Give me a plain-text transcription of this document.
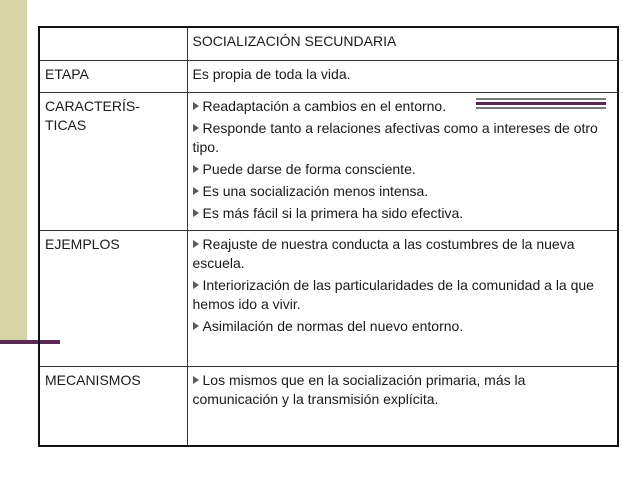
	SOCIALIZACIÓN SECUNDARIA
ETAPA	Es propia de toda la vida.
CARACTERÍS-
TICAS	Readaptación a cambios en el entorno.
Responde tanto a relaciones afectivas como a intereses de otro tipo.
Puede darse de forma consciente.
Es una socialización menos intensa.
Es más fácil si la primera ha sido efectiva.

EJEMPLOS	Reajuste de nuestra conducta a las costumbres de la nueva escuela.
Interiorización de las particularidades de la comunidad a la que hemos ido a vivir.
Asimilación de normas del nuevo entorno.

MECANISMOS	Los mismos que en la socialización primaria, más la comunicación y la transmisión explícita.
